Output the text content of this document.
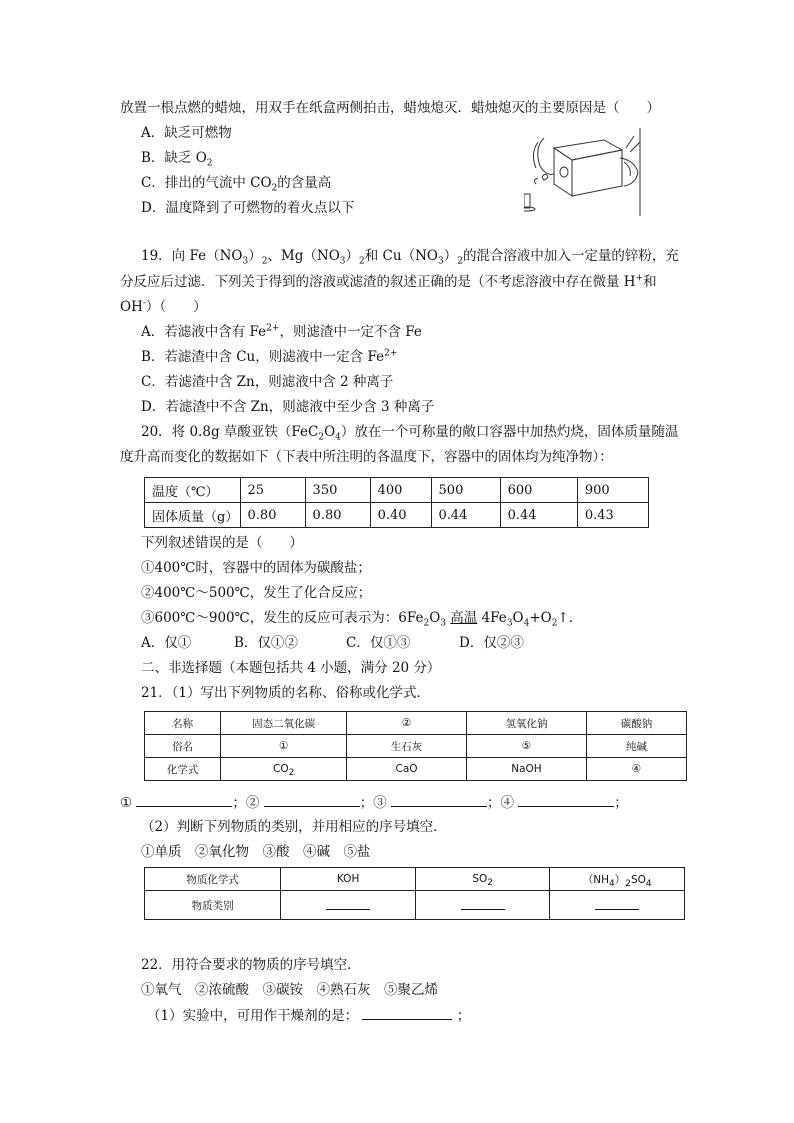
放置一根点燃的蜡烛，用双手在纸盒两侧拍击，蜡烛熄灭．蜡烛熄灭的主要原因是（　　）
A．缺乏可燃物
B．缺乏 $O_2$
C．排出的气流中 $CO_2$的含量高
D．温度降到了可燃物的着火点以下
19．向 $Fe(NO_3)_2$、$Mg(NO_3)_2$和 $Cu(NO_3)_2$的混合溶液中加入一定量的锌粉，充
分反应后过滤．下列关于得到的溶液或滤渣的叙述正确的是（不考虑溶液中存在微量 H+和
OH-）（　　）
A．若滤液中含有 $Fe^{2+}$，则滤渣中一定不含 Fe
B．若滤渣中含 Cu，则滤液中一定含 $Fe^{2+}$
C．若滤渣中含 Zn，则滤液中含 2 种离子
D．若滤渣中不含 Zn，则滤液中至少含 3 种离子
20．将 0.8g 草酸亚铁$(FeC_2O_4)$放在一个可称量的敞口容器中加热灼烧，固体质量随温
度升高而变化的数据如下（下表中所注明的各温度下，容器中的固体均为纯净物）：
温度（℃）	25	350	400	500	600	900
固体质量（g）	0.80	0.80	0.40	0.44	0.44	0.43
下列叙述错误的是（　　）
①400℃时，容器中的固体为碳酸盐；
②400℃～500℃，发生了化合反应；
③600℃～900℃，发生的反应可表示为：$6Fe_2O_3$ 高温 $4Fe_3O_4+O_2↑$．
A．仅①	B．仅①②	C．仅①③	D．仅②③
二、非选择题（本题包括共 4 小题，满分 20 分）
21．（1）写出下列物质的名称、俗称或化学式．
名称	固态二氧化碳	②	氢氧化钠	碳酸钠
俗名	①	生石灰	⑤	纯碱
化学式	$CO_2$	CaO	NaOH	④
①	；②	；③	；④	；
（2）判断下列物质的类别，并用相应的序号填空．
①单质　②氧化物　③酸　④碱　⑤盐
物质化学式	KOH	$SO_2$	$(NH_4)_2SO_4$
物质类别			
22．用符合要求的物质的序号填空．
①氧气　②浓硫酸　③碳铵　④熟石灰　⑤聚乙烯
（1）实验中，可用作干燥剂的是：	；
